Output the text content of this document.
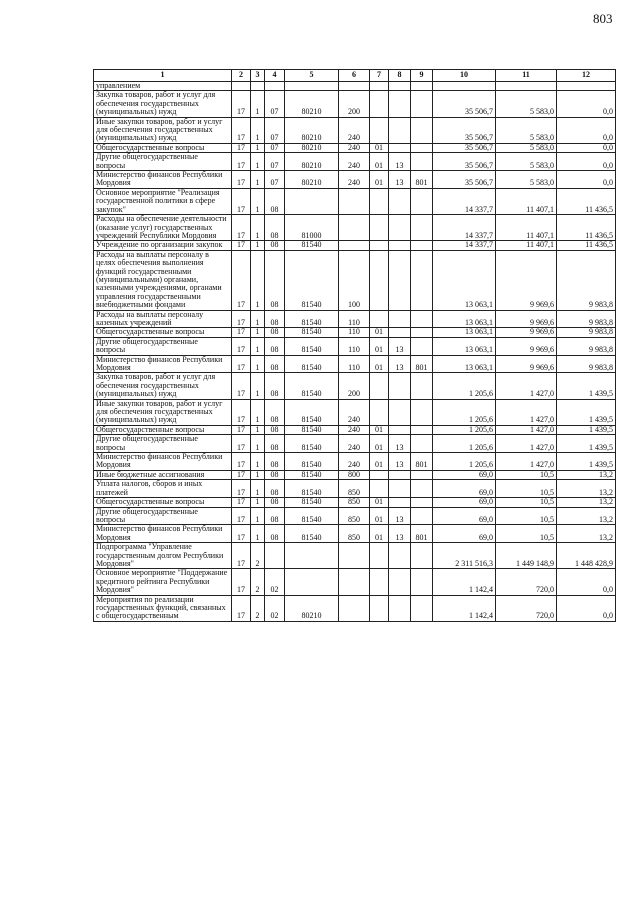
803
1	2	3	4	5	6	7	8	9	10	11	12
управлением											
Закупка товаров, работ и услуг для обеспечения государственных (муниципальных) нужд	17	1	07	80210	200				35 506,7	5 583,0	0,0
Иные закупки товаров, работ и услуг для обеспечения государственных (муниципальных) нужд	17	1	07	80210	240				35 506,7	5 583,0	0,0
Общегосударственные вопросы	17	1	07	80210	240	01			35 506,7	5 583,0	0,0
Другие общегосударственные вопросы	17	1	07	80210	240	01	13		35 506,7	5 583,0	0,0
Министерство финансов Республики Мордовия	17	1	07	80210	240	01	13	801	35 506,7	5 583,0	0,0
Основное мероприятие "Реализация государственной политики в сфере закупок"	17	1	08						14 337,7	11 407,1	11 436,5
Расходы на обеспечение деятельности (оказание услуг) государственных учреждений Республики Мордовия	17	1	08	81000					14 337,7	11 407,1	11 436,5
Учреждение по организации закупок	17	1	08	81540					14 337,7	11 407,1	11 436,5
Расходы на выплаты персоналу в целях обеспечения выполнения функций государственными (муниципальными) органами, казенными учреждениями, органами управления государственными внебюджетными фондами	17	1	08	81540	100				13 063,1	9 969,6	9 983,8
Расходы на выплаты персоналу казенных учреждений	17	1	08	81540	110				13 063,1	9 969,6	9 983,8
Общегосударственные вопросы	17	1	08	81540	110	01			13 063,1	9 969,6	9 983,8
Другие общегосударственные вопросы	17	1	08	81540	110	01	13		13 063,1	9 969,6	9 983,8
Министерство финансов Республики Мордовия	17	1	08	81540	110	01	13	801	13 063,1	9 969,6	9 983,8
Закупка товаров, работ и услуг для обеспечения государственных (муниципальных) нужд	17	1	08	81540	200				1 205,6	1 427,0	1 439,5
Иные закупки товаров, работ и услуг для обеспечения государственных (муниципальных) нужд	17	1	08	81540	240				1 205,6	1 427,0	1 439,5
Общегосударственные вопросы	17	1	08	81540	240	01			1 205,6	1 427,0	1 439,5
Другие общегосударственные вопросы	17	1	08	81540	240	01	13		1 205,6	1 427,0	1 439,5
Министерство финансов Республики Мордовия	17	1	08	81540	240	01	13	801	1 205,6	1 427,0	1 439,5
Иные бюджетные ассигнования	17	1	08	81540	800				69,0	10,5	13,2
Уплата налогов, сборов и иных платежей	17	1	08	81540	850				69,0	10,5	13,2
Общегосударственные вопросы	17	1	08	81540	850	01			69,0	10,5	13,2
Другие общегосударственные вопросы	17	1	08	81540	850	01	13		69,0	10,5	13,2
Министерство финансов Республики Мордовия	17	1	08	81540	850	01	13	801	69,0	10,5	13,2
Подпрограмма "Управление государственным долгом Республики Мордовия"	17	2							2 311 516,3	1 449 148,9	1 448 428,9
Основное мероприятие "Поддержание кредитного рейтинга Республики Мордовия"	17	2	02						1 142,4	720,0	0,0
Мероприятия по реализации государственных функций, связанных с общегосударственным	17	2	02	80210					1 142,4	720,0	0,0
